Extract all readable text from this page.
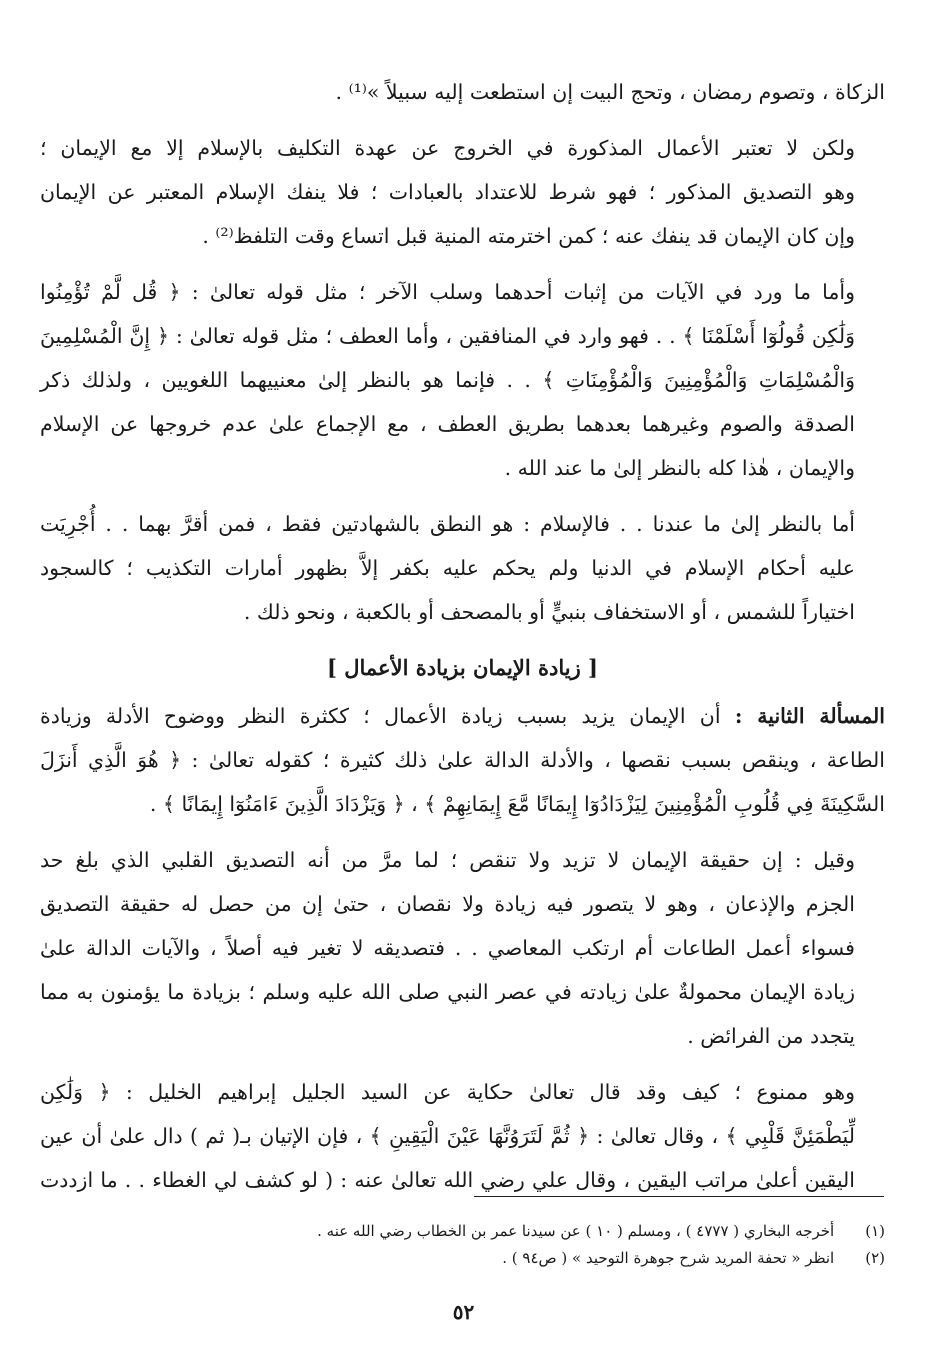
الزكاة ، وتصوم رمضان ، وتحج البيت إن استطعت إليه سبيلاً »⁽¹⁾ .

ولكن لا تعتبر الأعمال المذكورة في الخروج عن عهدة التكليف بالإسلام إلا مع الإيمان ؛
وهو التصديق المذكور ؛ فهو شرط للاعتداد بالعبادات ؛ فلا ينفك الإسلام المعتبر عن الإيمان
وإن كان الإيمان قد ينفك عنه ؛ كمن اخترمته المنية قبل اتساع وقت التلفظ⁽²⁾ .

وأما ما ورد في الآيات من إثبات أحدهما وسلب الآخر ؛ مثل قوله تعالىٰ : ﴿ قُل لَّمْ تُؤْمِنُوا
وَلَٰكِن قُولُوٓا أَسْلَمْنَا ﴾ . . فهو وارد في المنافقين ، وأما العطف ؛ مثل قوله تعالىٰ : ﴿ إِنَّ الْمُسْلِمِينَ
وَالْمُسْلِمَاتِ وَالْمُؤْمِنِينَ وَالْمُؤْمِنَاتِ ﴾ . . فإنما هو بالنظر إلىٰ معنييهما اللغويين ، ولذلك ذكر
الصدقة والصوم وغيرهما بعدهما بطريق العطف ، مع الإجماع علىٰ عدم خروجها عن الإسلام
والإيمان ، هٰذا كله بالنظر إلىٰ ما عند الله .

أما بالنظر إلىٰ ما عندنا . . فالإسلام : هو النطق بالشهادتين فقط ، فمن أقرَّ بهما . . أُجْرِيَت
عليه أحكام الإسلام في الدنيا ولم يحكم عليه بكفر إلاَّ بظهور أمارات التكذيب ؛ كالسجود
اختياراً للشمس ، أو الاستخفاف بنبيٍّ أو بالمصحف أو بالكعبة ، ونحو ذلك .

[ زيادة الإيمان بزيادة الأعمال ]

المسألة الثانية : أن الإيمان يزيد بسبب زيادة الأعمال ؛ ككثرة النظر ووضوح الأدلة وزيادة
الطاعة ، وينقص بسبب نقصها ، والأدلة الدالة علىٰ ذلك كثيرة ؛ كقوله تعالىٰ : ﴿ هُوَ الَّذِي أَنزَلَ
السَّكِينَةَ فِي قُلُوبِ الْمُؤْمِنِينَ لِيَزْدَادُوٓا إِيمَانًا مَّعَ إِيمَانِهِمْ ﴾ ، ﴿ وَيَزْدَادَ الَّذِينَ ءَامَنُوٓا إِيمَانًا ﴾ .

وقيل : إن حقيقة الإيمان لا تزيد ولا تنقص ؛ لما مرَّ من أنه التصديق القلبي الذي بلغ حد
الجزم والإذعان ، وهو لا يتصور فيه زيادة ولا نقصان ، حتىٰ إن من حصل له حقيقة التصديق
فسواء أعمل الطاعات أم ارتكب المعاصي . . فتصديقه لا تغير فيه أصلاً ، والآيات الدالة علىٰ
زيادة الإيمان محمولةٌ علىٰ زيادته في عصر النبي صلى الله عليه وسلم ؛ بزيادة ما يؤمنون به مما
يتجدد من الفرائض .

وهو ممنوع ؛ كيف وقد قال تعالىٰ حكاية عن السيد الجليل إبراهيم الخليل : ﴿ وَلَٰكِن
لِّيَطْمَئِنَّ قَلْبِي ﴾ ، وقال تعالىٰ : ﴿ ثُمَّ لَتَرَوُنَّهَا عَيْنَ الْيَقِينِ ﴾ ، فإن الإتيان بـ( ثم ) دال علىٰ أن عين
اليقين أعلىٰ مراتب اليقين ، وقال علي رضي الله تعالىٰ عنه : ( لو كشف لي الغطاء . . ما ازددت

(١) أخرجه البخاري ( ٤٧٧٧ ) ، ومسلم ( ١٠ ) عن سيدنا عمر بن الخطاب رضي الله عنه .
(٢) انظر « تحفة المريد شرح جوهرة التوحيد » ( ص٩٤ ) .
٥٢
